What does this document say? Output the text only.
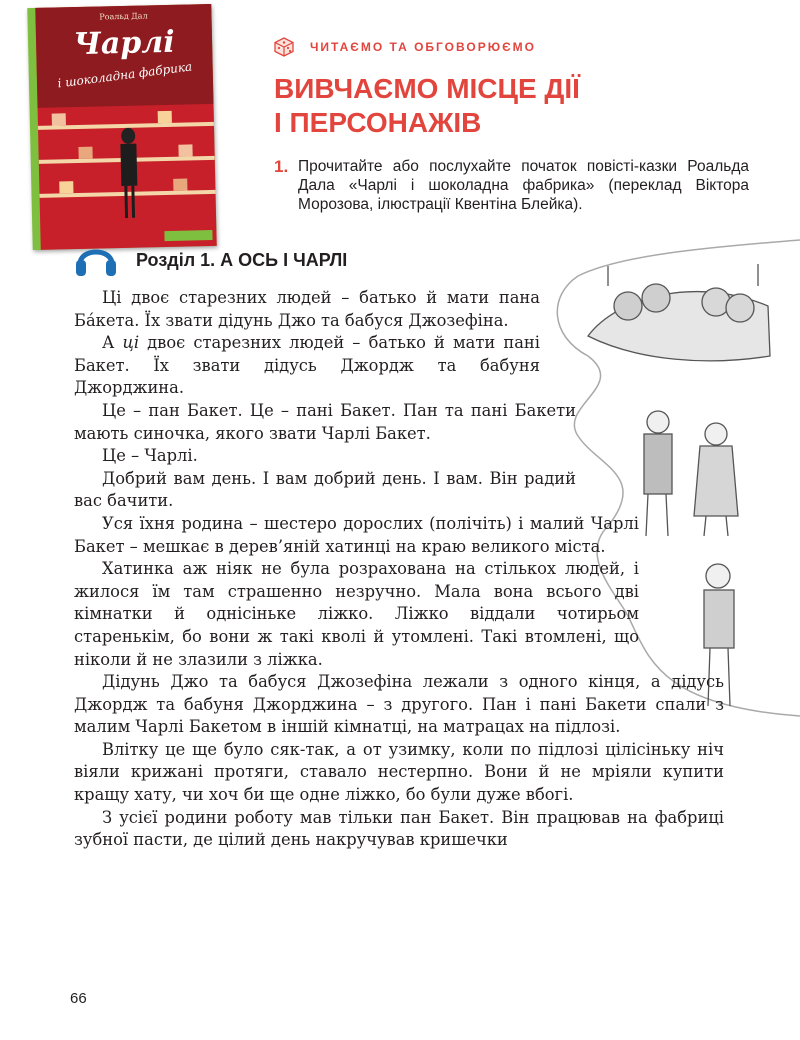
Роальд Дал
Чарлі
і шоколадна фабрика
ЧИТАЄМО ТА ОБГОВОРЮЄМО
ВИВЧАЄМО МІСЦЕ ДІЇ
І ПЕРСОНАЖІВ
1. Прочитайте або послухайте початок повісті-казки Роальда Дала «Чарлі і шоколадна фабрика» (переклад Віктора Морозова, ілюстрації Квентіна Блейка).
Розділ 1. А ОСЬ І ЧАРЛІ

Ці двоє старезних людей – батько й мати пана Ба́кета. Їх звати дідунь Джо та бабуся Джозефіна.

А ці двоє старезних людей – батько й мати пані Бакет. Їх звати дідусь Джордж та бабуня Джорджина.

Це – пан Бакет. Це – пані Бакет. Пан та пані Бакети мають синочка, якого звати Чарлі Бакет.

Це – Чарлі.

Добрий вам день. І вам добрий день. І вам. Він радий вас бачити.

Уся їхня родина – шестеро дорослих (полічіть) і малий Чарлі Бакет – мешкає в дерев’яній хатинці на краю великого міста.

Хатинка аж ніяк не була розрахована на стількох людей, і жилося їм там страшенно незручно. Мала вона всього дві кімнатки й однісіньке ліжко. Ліжко віддали чотирьом старенькім, бо вони ж такі кволі й утомлені. Такі втомлені, що ніколи й не злазили з ліжка.

Дідунь Джо та бабуся Джозефіна лежали з одного кінця, а дідусь Джордж та бабуня Джорджина – з другого. Пан і пані Бакети спали з малим Чарлі Бакетом в іншій кімнатці, на матрацах на підлозі.

Влітку це ще було сяк-так, а от узимку, коли по підлозі цілісіньку ніч віяли крижані протяги, ставало нестерпно. Вони й не мріяли купити кращу хату, чи хоч би ще одне ліжко, бо були дуже вбогі.

З усієї родини роботу мав тільки пан Бакет. Він працював на фабриці зубної пасти, де цілий день накручував кришечки

66
